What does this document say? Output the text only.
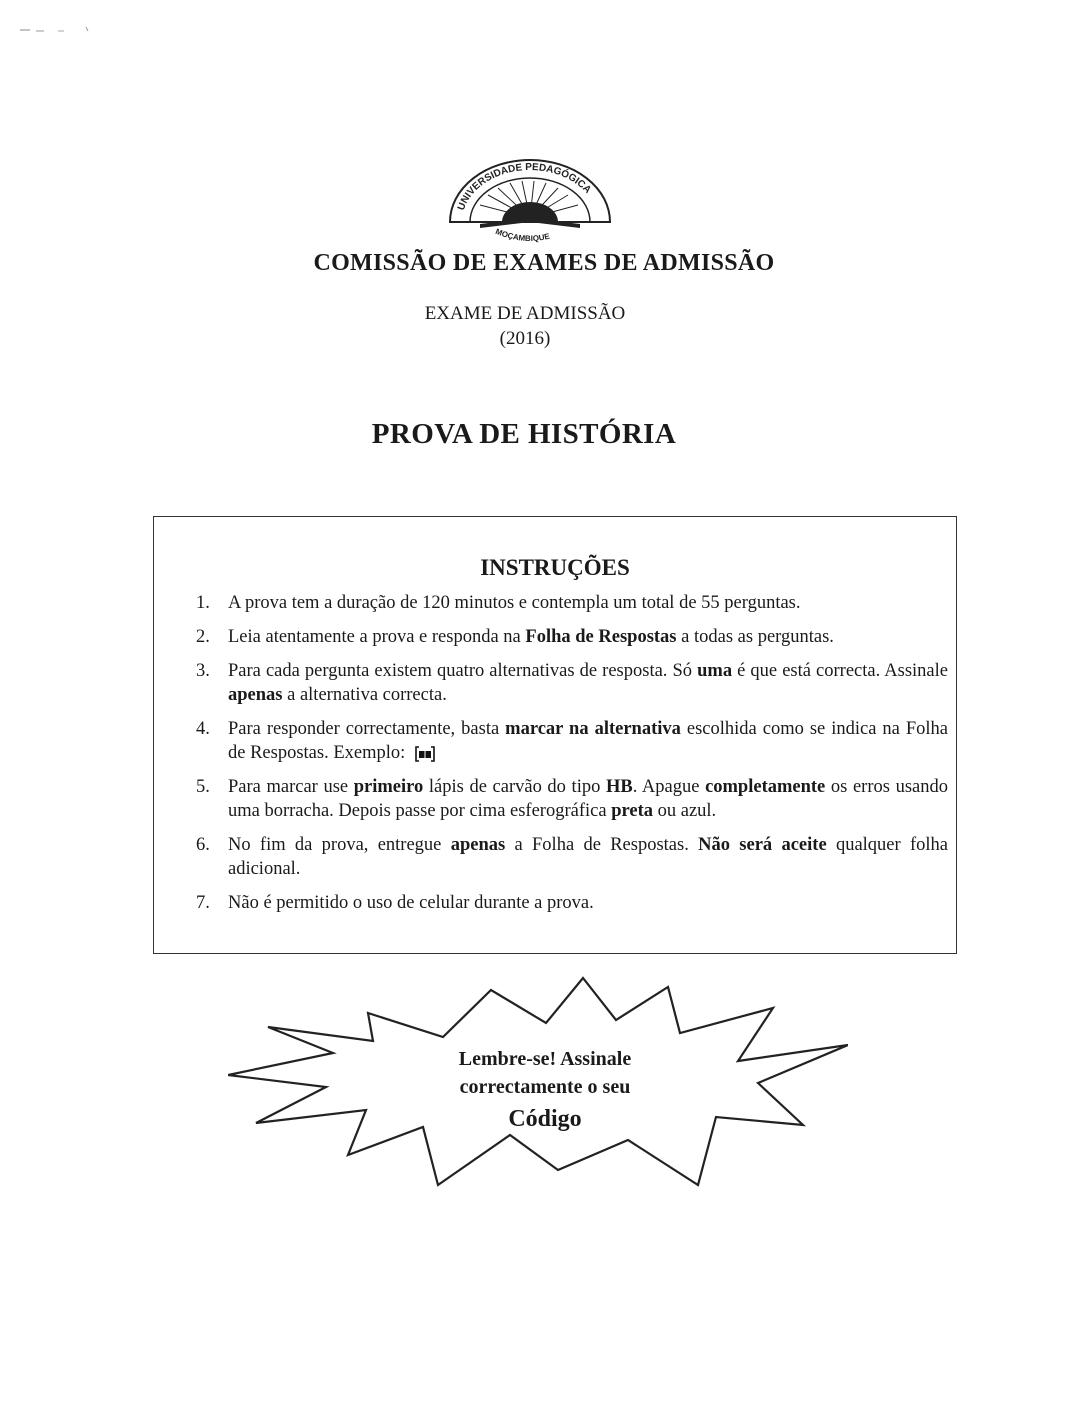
UNIVERSIDADE PEDAGÓGICA
MOÇAMBIQUE
COMISSÃO DE EXAMES DE ADMISSÃO
EXAME DE ADMISSÃO
(2016)
PROVA DE HISTÓRIA
INSTRUÇÕES
1. A prova tem a duração de 120 minutos e contempla um total de 55 perguntas.
2. Leia atentamente a prova e responda na Folha de Respostas a todas as perguntas.
3. Para cada pergunta existem quatro alternativas de resposta. Só uma é que está correcta. Assinale apenas a alternativa correcta.
4. Para responder correctamente, basta marcar na alternativa escolhida como se indica na Folha de Respostas. Exemplo:
5. Para marcar use primeiro lápis de carvão do tipo HB. Apague completamente os erros usando uma borracha. Depois passe por cima esferográfica preta ou azul.
6. No fim da prova, entregue apenas a Folha de Respostas. Não será aceite qualquer folha adicional.
7. Não é permitido o uso de celular durante a prova.
Lembre-se! Assinale
correctamente o seu
Código
